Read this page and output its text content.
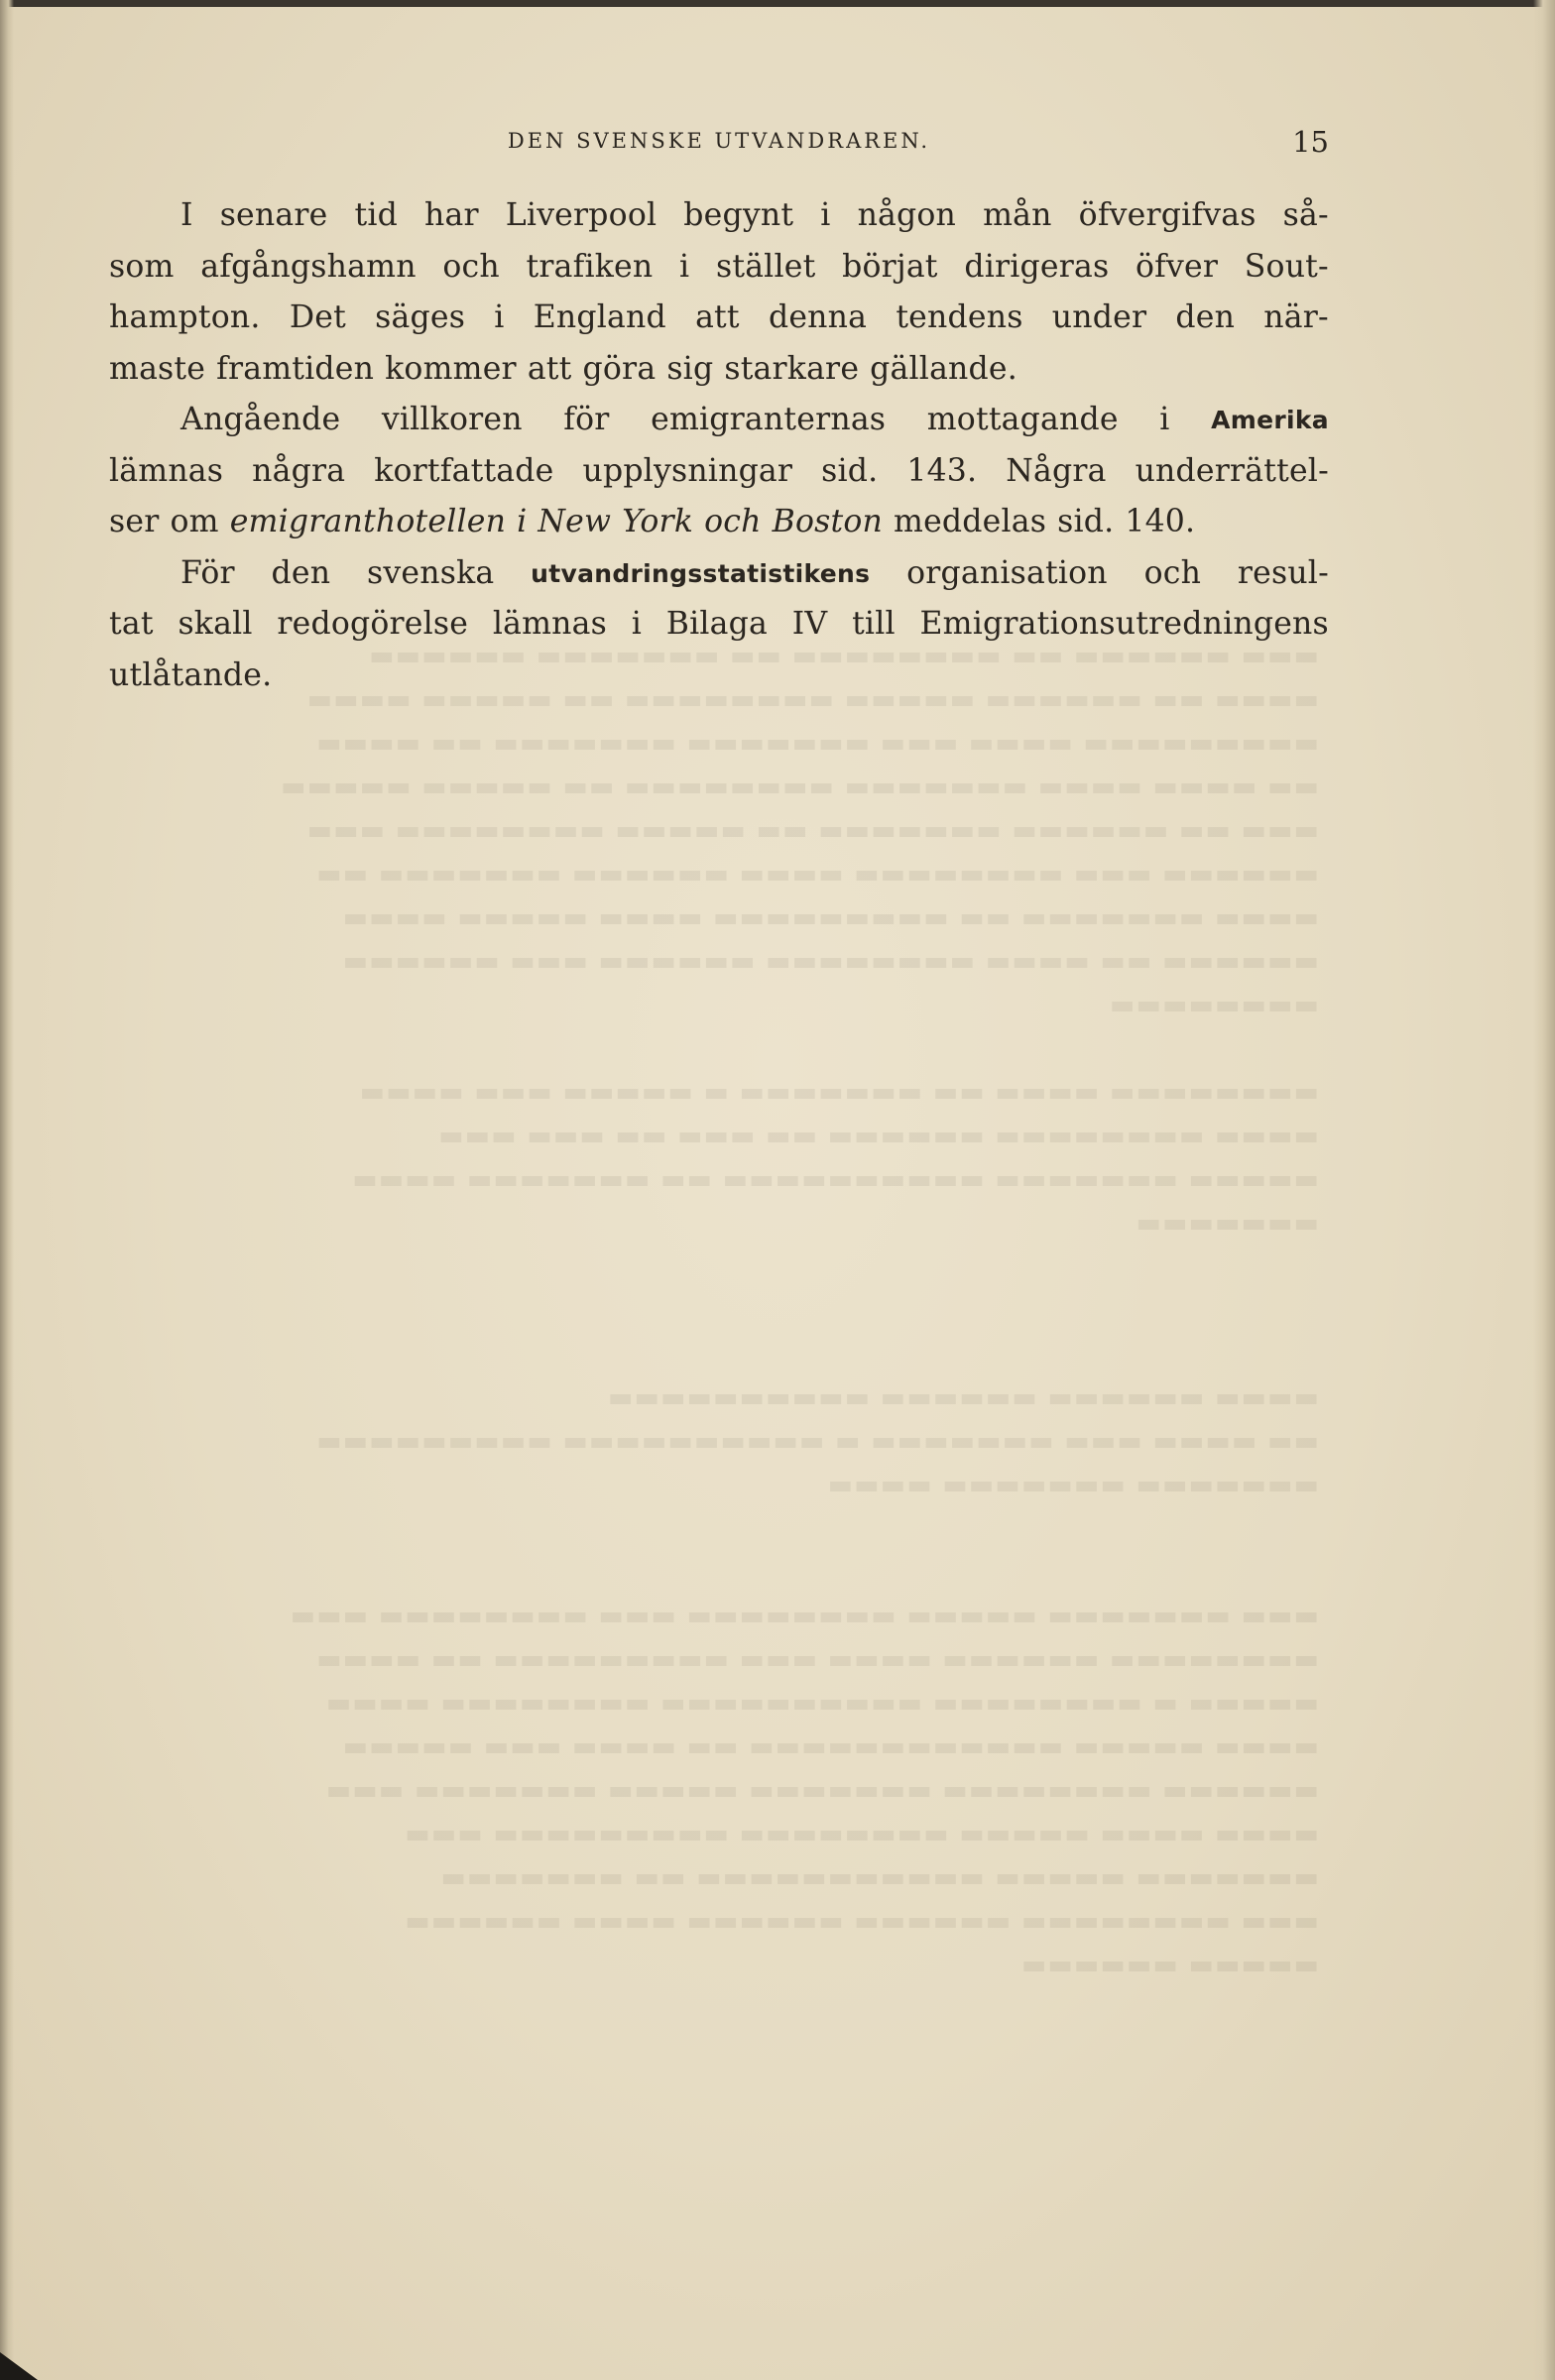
▬▬▬ ▬▬▬▬▬▬ ▬▬ ▬▬▬▬▬▬▬▬ ▬▬ ▬▬▬▬▬▬▬ ▬▬▬▬▬▬
▬▬▬▬ ▬▬ ▬▬▬▬▬▬ ▬▬▬▬▬ ▬▬▬▬▬▬▬▬ ▬▬ ▬▬▬▬▬ ▬▬▬▬
▬▬▬▬▬▬▬▬▬ ▬▬▬▬ ▬▬▬ ▬▬▬▬▬▬▬ ▬▬▬▬▬▬▬ ▬▬ ▬▬▬▬
▬▬ ▬▬▬▬ ▬▬▬▬ ▬▬▬▬▬▬▬ ▬▬▬▬▬▬▬▬ ▬▬ ▬▬▬▬▬ ▬▬▬▬▬
▬▬▬ ▬▬ ▬▬▬▬▬▬ ▬▬▬▬▬▬▬ ▬▬ ▬▬▬▬▬ ▬▬▬▬▬▬▬▬ ▬▬▬
▬▬▬▬▬▬ ▬▬▬ ▬▬▬▬▬▬▬▬ ▬▬▬▬ ▬▬▬▬▬▬ ▬▬▬▬▬▬▬ ▬▬
▬▬▬▬ ▬▬▬▬▬▬▬ ▬▬ ▬▬▬▬▬▬▬▬▬ ▬▬▬▬ ▬▬▬▬▬ ▬▬▬▬
▬▬▬▬▬▬ ▬▬ ▬▬▬▬ ▬▬▬▬▬▬▬▬ ▬▬▬▬▬▬ ▬▬▬ ▬▬▬▬▬▬
▬▬▬▬▬▬▬▬

▬▬▬▬▬▬▬▬ ▬▬▬▬ ▬▬ ▬▬▬▬▬▬▬ ▬ ▬▬▬▬▬ ▬▬▬ ▬▬▬▬
▬▬▬▬ ▬▬▬▬▬▬▬▬ ▬▬▬▬▬▬ ▬▬ ▬▬▬ ▬▬ ▬▬▬ ▬▬▬
▬▬▬▬▬ ▬▬▬▬▬▬▬ ▬▬▬▬▬▬▬▬▬▬ ▬▬ ▬▬▬▬▬▬▬ ▬▬▬▬
▬▬▬▬▬▬▬

▬▬▬▬ ▬▬▬▬▬▬ ▬▬▬▬▬▬ ▬▬▬▬▬▬▬▬▬▬
▬▬ ▬▬▬▬ ▬▬▬ ▬▬▬▬▬▬▬ ▬ ▬▬▬▬▬▬▬▬▬▬ ▬▬▬▬▬▬▬▬▬
▬▬▬▬▬▬▬ ▬▬▬▬▬▬▬ ▬▬▬▬

▬▬▬ ▬▬▬▬▬▬▬ ▬▬▬▬▬ ▬▬▬▬▬▬▬▬ ▬▬▬ ▬▬▬▬▬▬▬▬ ▬▬▬
▬▬▬▬▬▬▬▬ ▬▬▬▬▬▬ ▬▬▬▬ ▬▬▬ ▬▬▬▬▬▬▬▬▬ ▬▬ ▬▬▬▬
▬▬▬▬▬ ▬ ▬▬▬▬▬▬▬▬ ▬▬▬▬▬▬▬▬▬▬ ▬▬▬▬▬▬▬▬ ▬▬▬▬
▬▬▬▬ ▬▬▬▬▬ ▬▬▬▬▬▬▬▬▬▬▬▬ ▬▬ ▬▬▬▬ ▬▬▬ ▬▬▬▬▬
▬▬▬▬▬▬ ▬▬▬▬▬▬▬▬ ▬▬▬▬▬▬▬ ▬▬▬▬▬ ▬▬▬▬▬▬▬ ▬▬▬
▬▬▬▬ ▬▬▬▬ ▬▬▬▬▬ ▬▬▬▬▬▬▬▬ ▬▬▬▬▬▬▬▬▬ ▬▬▬
▬▬▬▬▬▬▬ ▬▬▬▬▬ ▬▬▬▬▬▬▬▬▬▬▬ ▬▬ ▬▬▬▬▬▬▬
▬▬▬ ▬▬▬▬▬▬▬▬ ▬▬▬▬▬▬ ▬▬▬▬▬▬ ▬▬▬▬ ▬▬▬▬▬▬
▬▬▬▬▬ ▬▬▬▬▬▬
DEN SVENSKE UTVANDRAREN.	15
I senare tid har Liverpool begynt i någon mån öfvergifvas så-
som afgångshamn och trafiken i stället börjat dirigeras öfver Sout-
hampton. Det säges i England att denna tendens under den när-
maste framtiden kommer att göra sig starkare gällande.
Angående villkoren för emigranternas mottagande i Amerika
lämnas några kortfattade upplysningar sid. 143. Några underrättel-
ser om emigranthotellen i New York och Boston meddelas sid. 140.
För den svenska utvandringsstatistikens organisation och resul-
tat skall redogörelse lämnas i Bilaga IV till Emigrationsutredningens
utlåtande.
